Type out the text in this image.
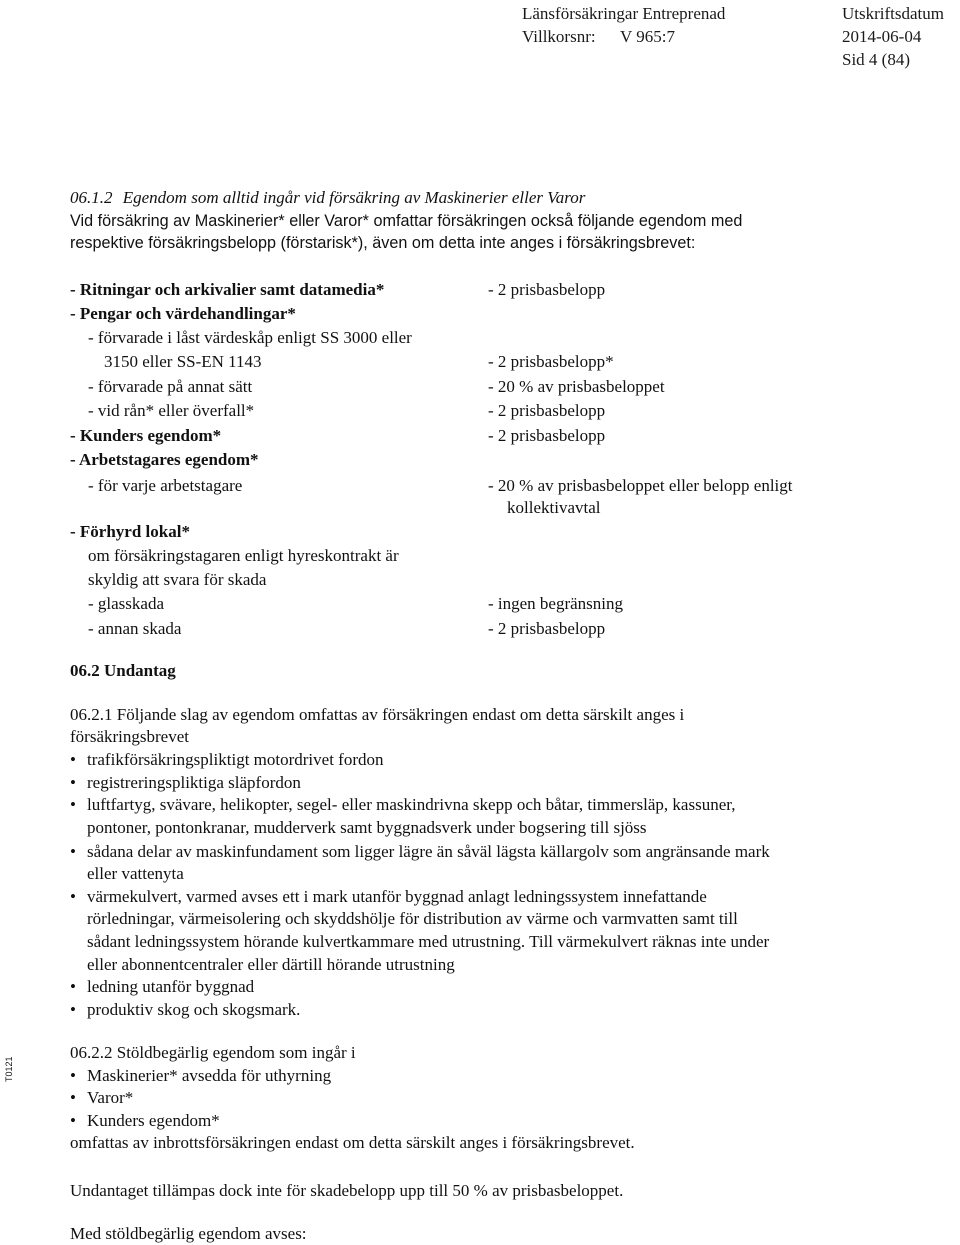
Länsförsäkringar Entreprenad
Villkorsnr: V 965:7
Utskriftsdatum
2014-06-04
Sid 4 (84)
06.1.2 Egendom som alltid ingår vid försäkring av Maskinerier eller Varor
Vid försäkring av Maskinerier* eller Varor* omfattar försäkringen också följande egendom med
respektive försäkringsbelopp (förstarisk*), även om detta inte anges i försäkringsbrevet:
- Ritningar och arkivalier samt datamedia*	- 2 prisbasbelopp
- Pengar och värdehandlingar*
- förvarade i låst värdeskåp enligt SS 3000 eller
3150 eller SS-EN 1143	- 2 prisbasbelopp*
- förvarade på annat sätt	- 20 % av prisbasbeloppet
- vid rån* eller överfall*	- 2 prisbasbelopp
- Kunders egendom*	- 2 prisbasbelopp
- Arbetstagares egendom*
- för varje arbetstagare	- 20 % av prisbasbeloppet eller belopp enligt
kollektivavtal
- Förhyrd lokal*
om försäkringstagaren enligt hyreskontrakt är
skyldig att svara för skada
- glasskada	- ingen begränsning
- annan skada	- 2 prisbasbelopp
06.2 Undantag
06.2.1 Följande slag av egendom omfattas av försäkringen endast om detta särskilt anges i
försäkringsbrevet
• trafikförsäkringspliktigt motordrivet fordon
• registreringspliktiga släpfordon
• luftfartyg, svävare, helikopter, segel- eller maskindrivna skepp och båtar, timmersläp, kassuner,
pontoner, pontonkranar, mudderverk samt byggnadsverk under bogsering till sjöss
• sådana delar av maskinfundament som ligger lägre än såväl lägsta källargolv som angränsande mark
eller vattenyta
• värmekulvert, varmed avses ett i mark utanför byggnad anlagt ledningssystem innefattande
rörledningar, värmeisolering och skyddshölje för distribution av värme och varmvatten samt till
sådant ledningssystem hörande kulvertkammare med utrustning. Till värmekulvert räknas inte under
eller abonnentcentraler eller därtill hörande utrustning
• ledning utanför byggnad
• produktiv skog och skogsmark.
06.2.2 Stöldbegärlig egendom som ingår i
• Maskinerier* avsedda för uthyrning
• Varor*
• Kunders egendom*
omfattas av inbrottsförsäkringen endast om detta särskilt anges i försäkringsbrevet.
Undantaget tillämpas dock inte för skadebelopp upp till 50 % av prisbasbeloppet.
Med stöldbegärlig egendom avses:
T0121
